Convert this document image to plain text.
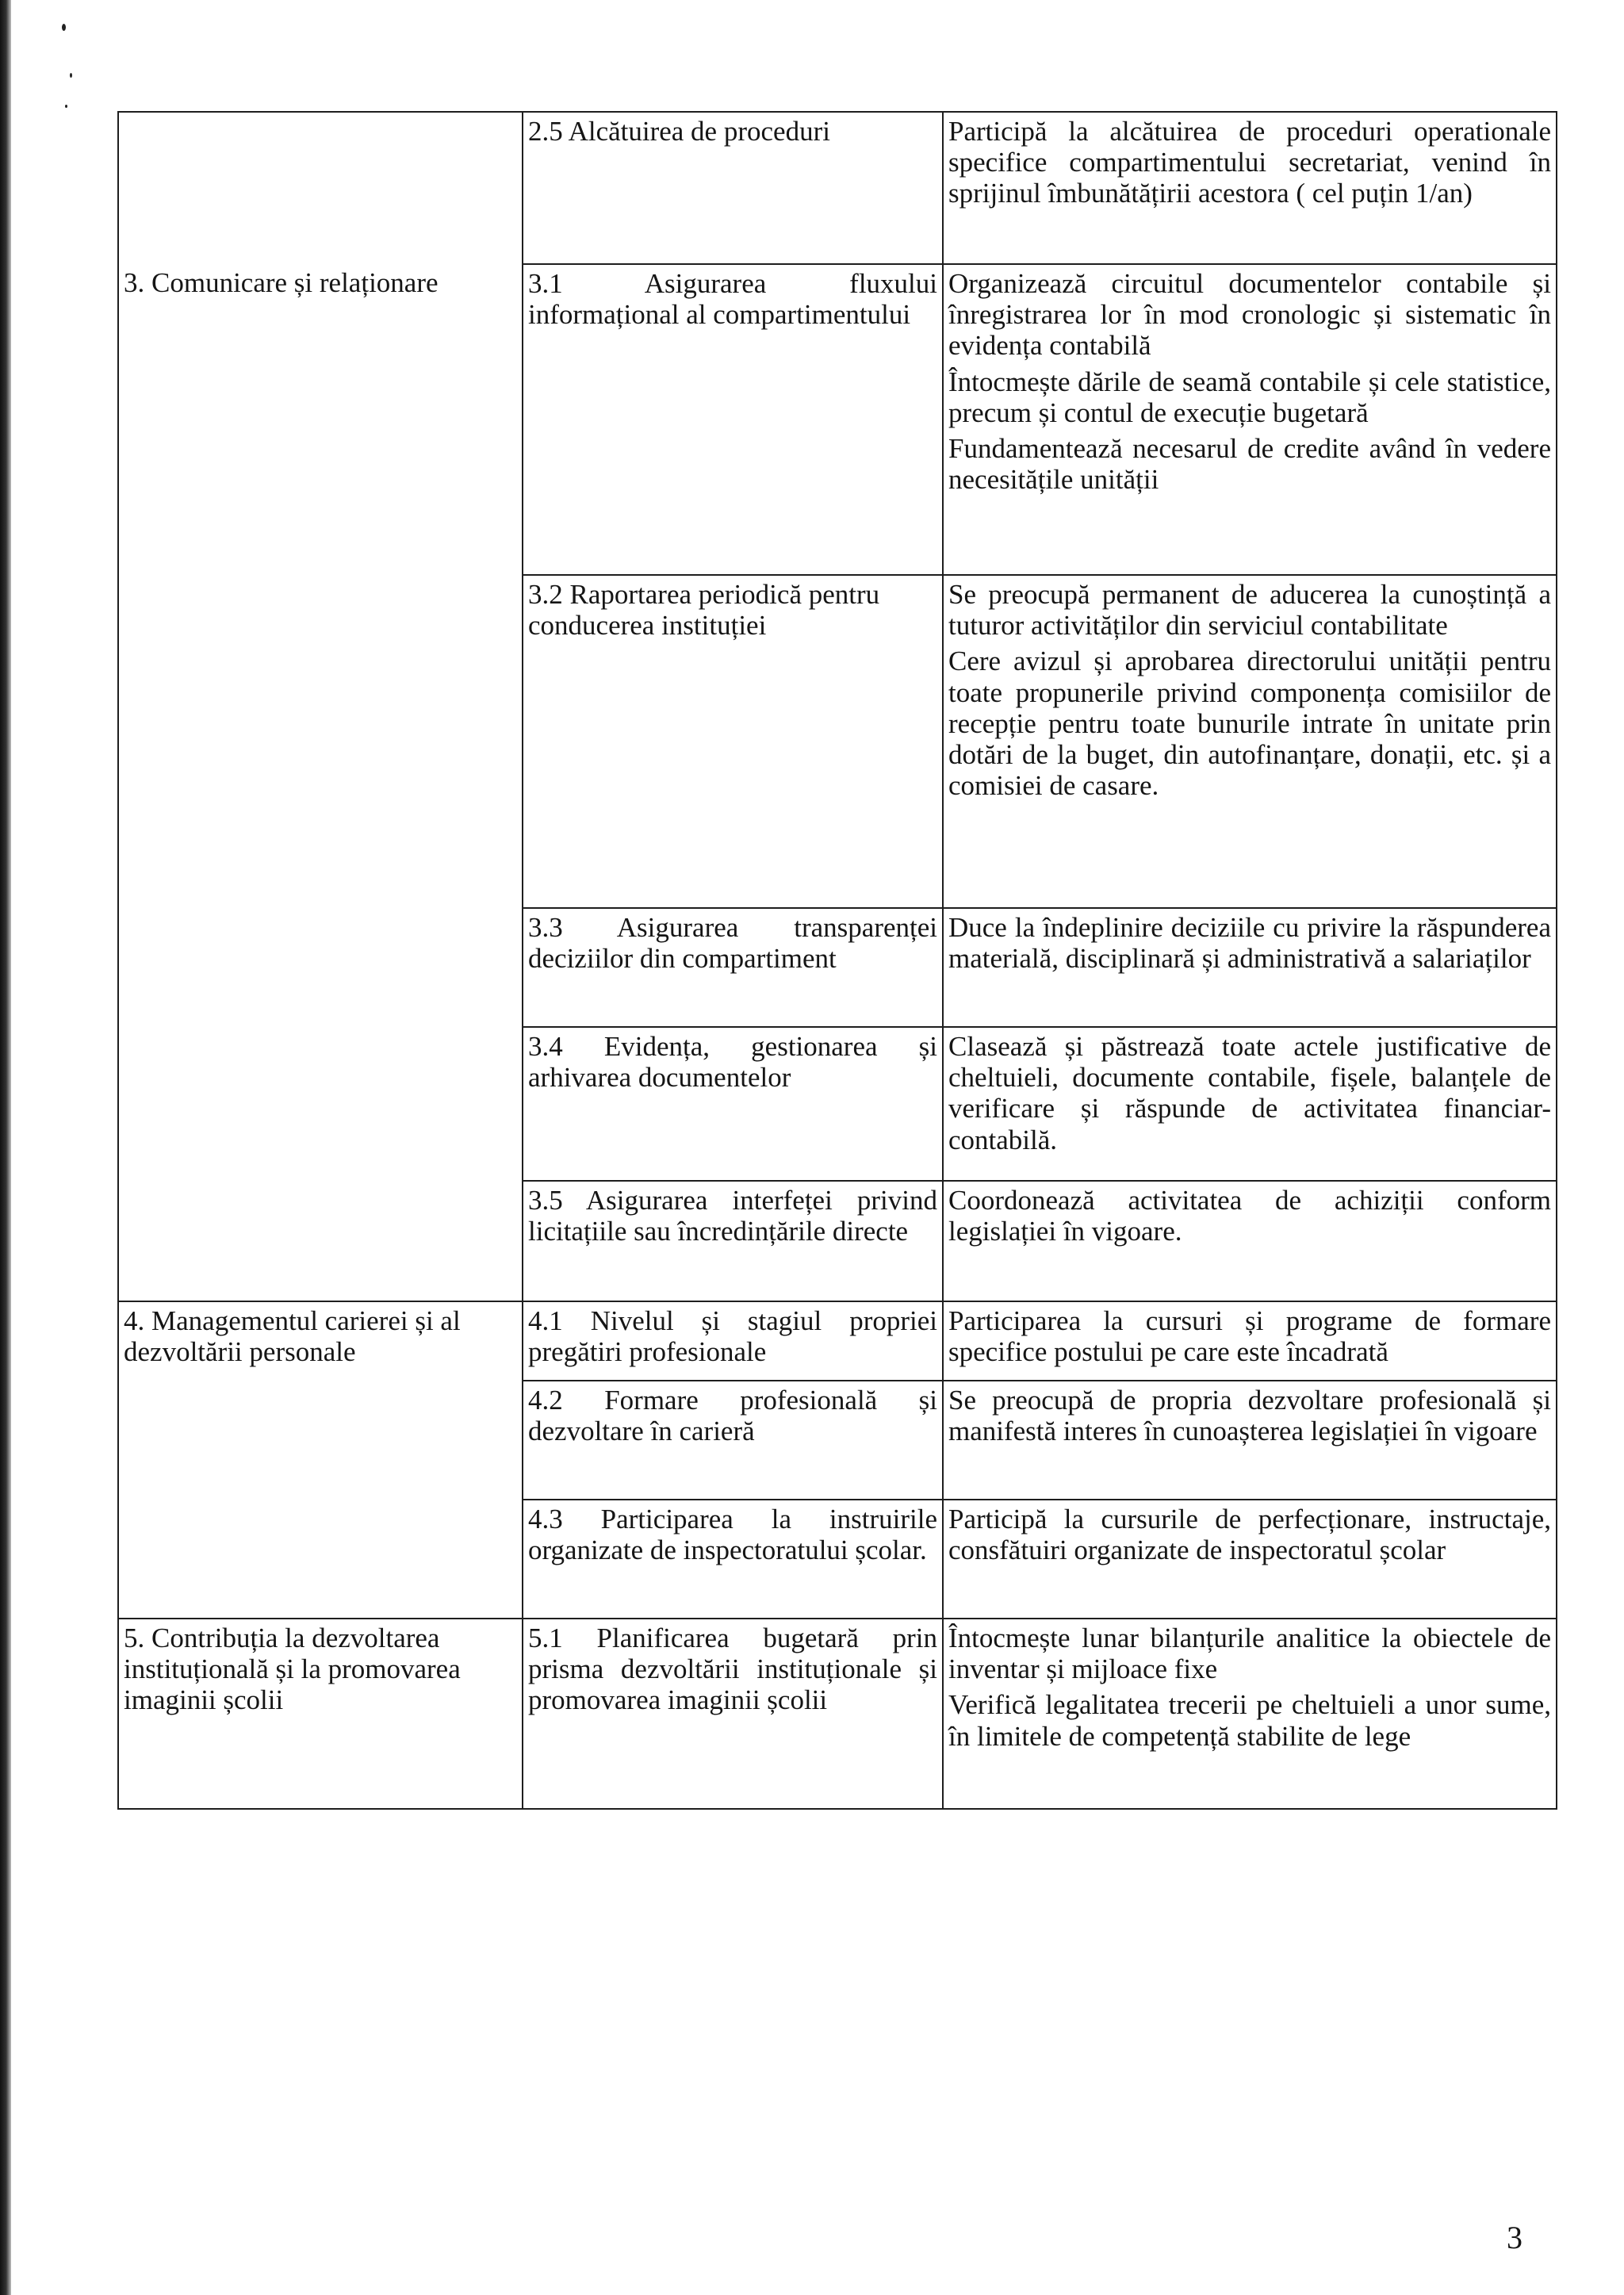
	2.5 Alcătuirea de proceduri	Participă la alcătuirea de proceduri operationale specifice compartimentului secretariat, venind în sprijinul îmbunătățirii acestora ( cel puțin 1/an)

3. Comunicare și relaționare	3.1 Asigurarea fluxului informațional al compartimentului	Organizează circuitul documentelor contabile și înregistrarea lor în mod cronologic și sistematic în evidența contabilă

Întocmește dările de seamă contabile și cele statistice, precum și contul de execuție bugetară

Fundamentează necesarul de credite având în vedere necesitățile unității

	3.2 Raportarea periodică pentru conducerea instituției	Se preocupă permanent de aducerea la cunoștință a tuturor activităților din serviciul contabilitate

Cere avizul și aprobarea directorului unității pentru toate propunerile privind componența comisiilor de recepție pentru toate bunurile intrate în unitate prin dotări de la buget, din autofinanțare, donații, etc. și a comisiei de casare.

	3.3 Asigurarea transparenței deciziilor din compartiment	Duce la îndeplinire deciziile cu privire la răspunderea materială, disciplinară și administrativă a salariaților

	3.4 Evidența, gestionarea și arhivarea documentelor	Clasează și păstrează toate actele justificative de cheltuieli, documente contabile, fișele, balanțele de verificare și răspunde de activitatea financiar- contabilă.

	3.5 Asigurarea interfeței privind licitațiile sau încredințările directe	Coordonează activitatea de achiziții conform legislației în vigoare.

4. Managementul carierei și al dezvoltării personale	4.1 Nivelul și stagiul propriei pregătiri profesionale	Participarea la cursuri și programe de formare specifice postului pe care este încadrată

	4.2 Formare profesională și dezvoltare în carieră	Se preocupă de propria dezvoltare profesională și manifestă interes în cunoașterea legislației în vigoare

	4.3 Participarea la instruirile organizate de inspectoratului școlar.	Participă la cursurile de perfecționare, instructaje, consfătuiri organizate de inspectoratul școlar

5. Contribuția la dezvoltarea instituțională și la promovarea imaginii școlii	5.1 Planificarea bugetară prin prisma dezvoltării instituționale și promovarea imaginii școlii	Întocmește lunar bilanțurile analitice la obiectele de inventar și mijloace fixe

Verifică legalitatea trecerii pe cheltuieli a unor sume, în limitele de competență stabilite de lege

3
